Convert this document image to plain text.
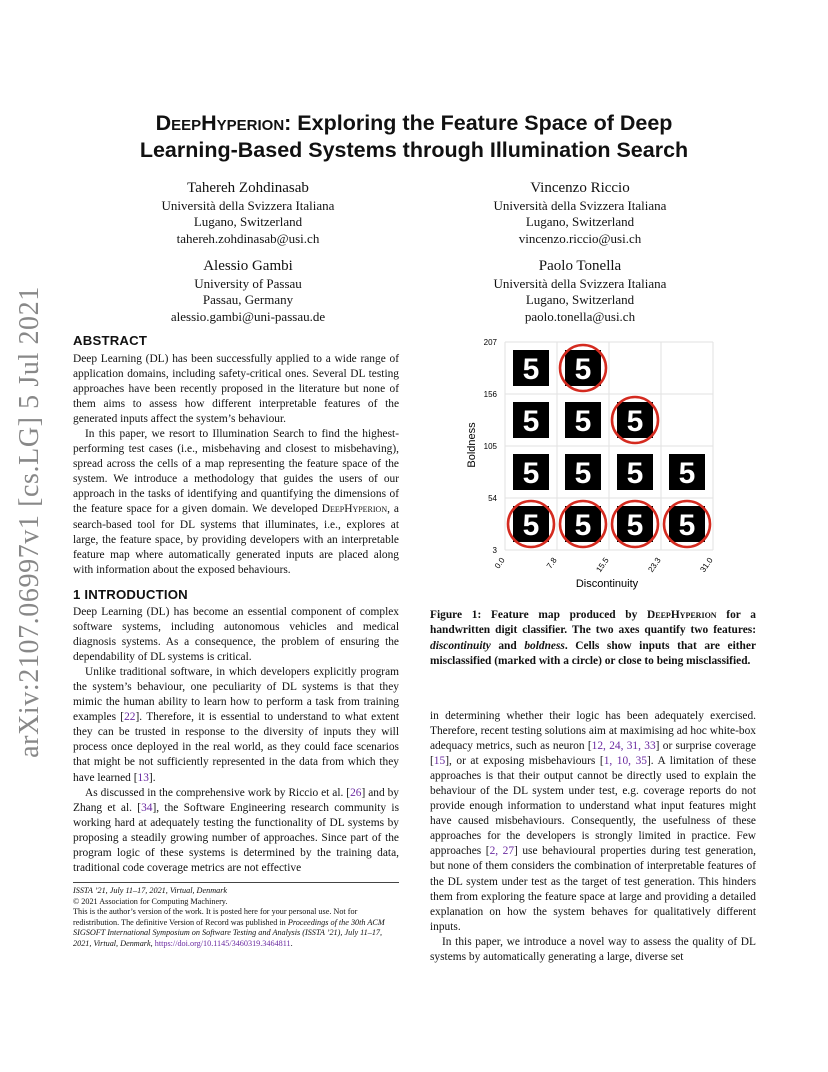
arXiv:2107.06997v1 [cs.LG] 5 Jul 2021
DeepHyperion: Exploring the Feature Space of Deep
Learning-Based Systems through Illumination Search
Tahereh Zohdinasab
Università della Svizzera Italiana
Lugano, Switzerland
tahereh.zohdinasab@usi.ch
Vincenzo Riccio
Università della Svizzera Italiana
Lugano, Switzerland
vincenzo.riccio@usi.ch
Alessio Gambi
University of Passau
Passau, Germany
alessio.gambi@uni-passau.de
Paolo Tonella
Università della Svizzera Italiana
Lugano, Switzerland
paolo.tonella@usi.ch
ABSTRACT

Deep Learning (DL) has been successfully applied to a wide range of application domains, including safety-critical ones. Several DL testing approaches have been recently proposed in the literature but none of them aims to assess how different interpretable features of the generated inputs affect the system’s behaviour.

In this paper, we resort to Illumination Search to find the highest-performing test cases (i.e., misbehaving and closest to misbehaving), spread across the cells of a map representing the feature space of the system. We introduce a methodology that guides the users of our approach in the tasks of identifying and quantifying the dimensions of the feature space for a given domain. We developed DeepHyperion, a search-based tool for DL systems that illuminates, i.e., explores at large, the feature space, by providing developers with an interpretable feature map where automatically generated inputs are placed along with information about the exposed behaviours.

1 INTRODUCTION

Deep Learning (DL) has become an essential component of complex software systems, including autonomous vehicles and medical diagnosis systems. As a consequence, the problem of ensuring the dependability of DL systems is critical.

Unlike traditional software, in which developers explicitly program the system’s behaviour, one peculiarity of DL systems is that they mimic the human ability to learn how to perform a task from training examples [22]. Therefore, it is essential to understand to what extent they can be trusted in response to the diversity of inputs they will process once deployed in the real world, as they could face scenarios that might be not sufficiently represented in the data from which they have learned [13].

As discussed in the comprehensive work by Riccio et al. [26] and by Zhang et al. [34], the Software Engineering research community is working hard at adequately testing the functionality of DL systems by proposing a steadily growing number of approaches. Since part of the program logic of these systems is determined by the training data, traditional code coverage metrics are not effective

ISSTA ’21, July 11–17, 2021, Virtual, Denmark
© 2021 Association for Computing Machinery.
This is the author’s version of the work. It is posted here for your personal use. Not for redistribution. The definitive Version of Record was published in Proceedings of the 30th ACM SIGSOFT International Symposium on Software Testing and Analysis (ISSTA ’21), July 11–17, 2021, Virtual, Denmark, https://doi.org/10.1145/3460319.3464811.
5 5
5 5 5
5 5 5 5
5 5 5 5
3
54
105
156
207
0.0	7.8	15.5	23.3	31.0
Discontinuity
Boldness
Figure 1: Feature map produced by DeepHyperion for a handwritten digit classifier. The two axes quantify two features: discontinuity and boldness. Cells show inputs that are either misclassified (marked with a circle) or close to being misclassified.

in determining whether their logic has been adequately exercised. Therefore, recent testing solutions aim at maximising ad hoc white-box adequacy metrics, such as neuron [12, 24, 31, 33] or surprise coverage [15], or at exposing misbehaviours [1, 10, 35]. A limitation of these approaches is that their output cannot be directly used to explain the behaviour of the DL system under test, e.g. coverage reports do not provide enough information to understand what input features might have caused misbehaviours. Consequently, the usefulness of these approaches for the developers is strongly limited in practice. Few approaches [2, 27] use behavioural properties during test generation, but none of them considers the combination of interpretable features of the DL system under test as the target of test generation. This hinders them from exploring the feature space at large and providing a detailed explanation on how the system behaves for qualitatively different inputs.

In this paper, we introduce a novel way to assess the quality of DL systems by automatically generating a large, diverse set
